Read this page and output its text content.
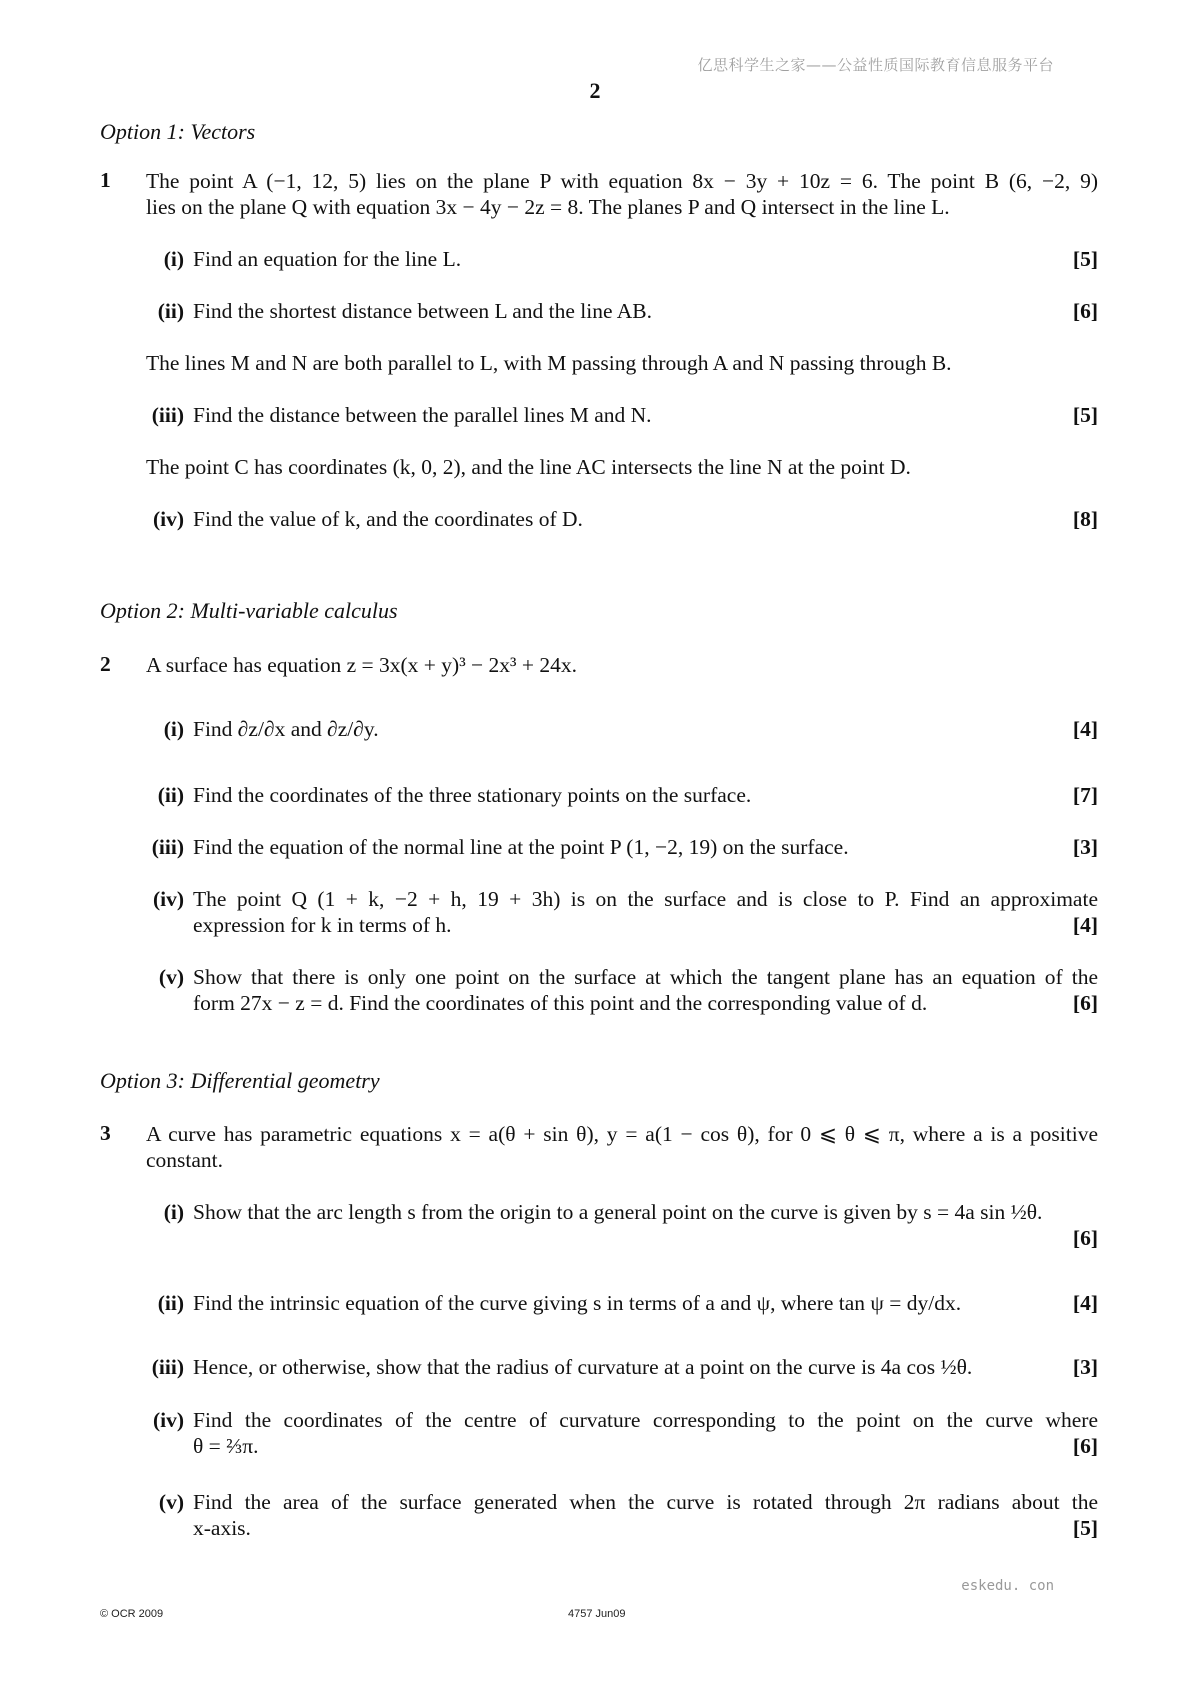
亿思科学生之家——公益性质国际教育信息服务平台
2
Option 1: Vectors
1 The point A (−1, 12, 5) lies on the plane P with equation 8x − 3y + 10z = 6. The point B (6, −2, 9)
lies on the plane Q with equation 3x − 4y − 2z = 8. The planes P and Q intersect in the line L.
(i) Find an equation for the line L.	[5]
(ii) Find the shortest distance between L and the line AB.	[6]
The lines M and N are both parallel to L, with M passing through A and N passing through B.
(iii) Find the distance between the parallel lines M and N.	[5]
The point C has coordinates (k, 0, 2), and the line AC intersects the line N at the point D.
(iv) Find the value of k, and the coordinates of D.	[8]
Option 2: Multi-variable calculus
2 A surface has equation z = 3x(x + y)³ − 2x³ + 24x.
(i) Find ∂z/∂x and ∂z/∂y.	[4]
(ii) Find the coordinates of the three stationary points on the surface.	[7]
(iii) Find the equation of the normal line at the point P (1, −2, 19) on the surface.	[3]
(iv) The point Q (1 + k, −2 + h, 19 + 3h) is on the surface and is close to P. Find an approximate
expression for k in terms of h.	[4]
(v) Show that there is only one point on the surface at which the tangent plane has an equation of the
form 27x − z = d. Find the coordinates of this point and the corresponding value of d.	[6]
Option 3: Differential geometry
3 A curve has parametric equations x = a(θ + sin θ), y = a(1 − cos θ), for 0 ⩽ θ ⩽ π, where a is a positive
constant.
(i) Show that the arc length s from the origin to a general point on the curve is given by s = 4a sin ½θ.
[6]
(ii) Find the intrinsic equation of the curve giving s in terms of a and ψ, where tan ψ = dy/dx.	[4]
(iii) Hence, or otherwise, show that the radius of curvature at a point on the curve is 4a cos ½θ.	[3]
(iv) Find the coordinates of the centre of curvature corresponding to the point on the curve where
θ = ⅔π.	[6]
(v) Find the area of the surface generated when the curve is rotated through 2π radians about the
x-axis.	[5]
eskedu. con
© OCR 2009	4757 Jun09
